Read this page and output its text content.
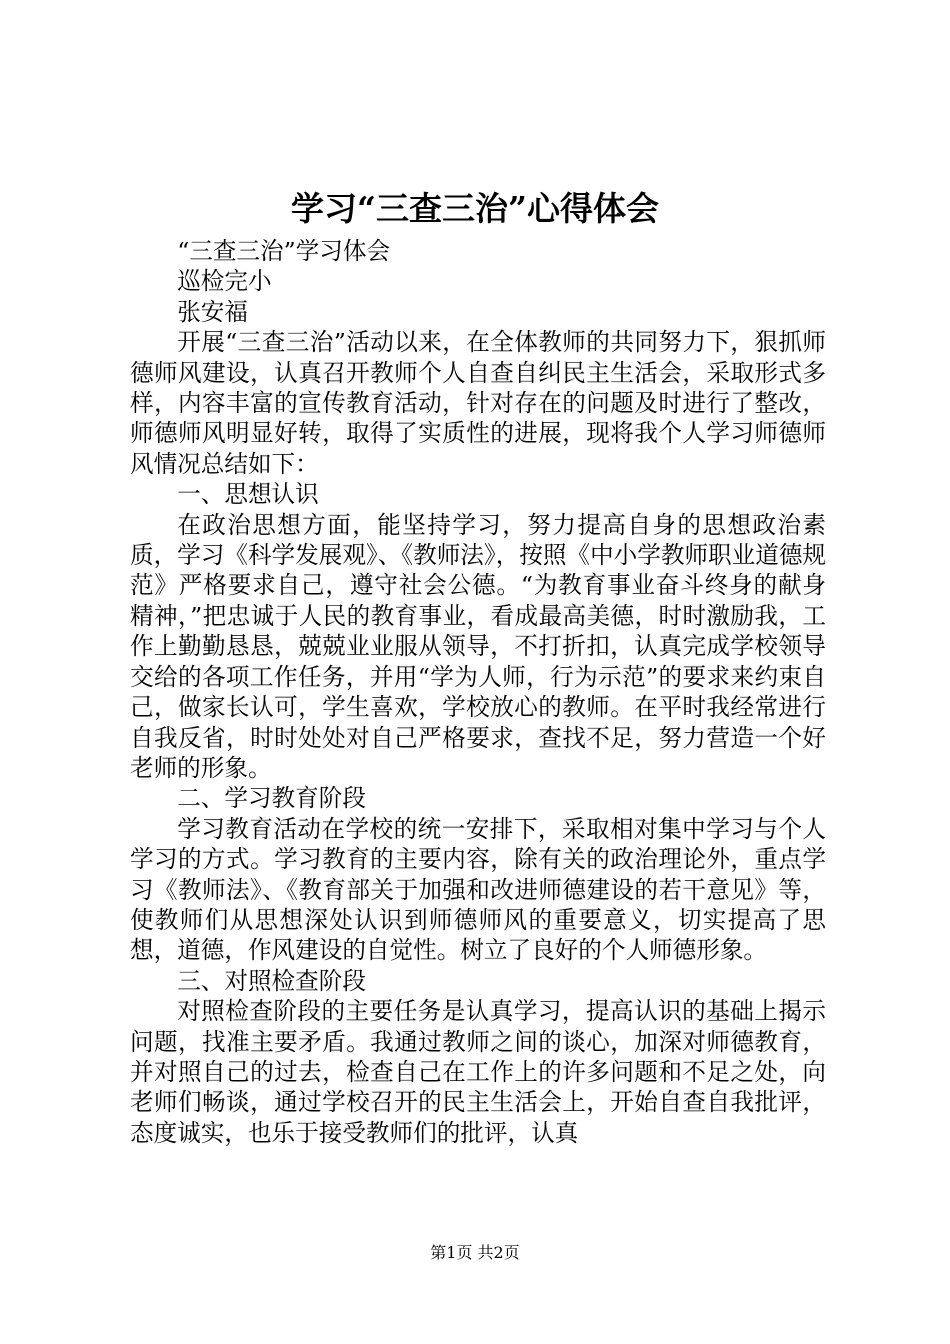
学习“三查三治”心得体会

“三查三治”学习体会

巡检完小

张安福

开展“三查三治”活动以来，在全体教师的共同努力下，狠抓师德师风建设，认真召开教师个人自查自纠民主生活会，采取形式多样，内容丰富的宣传教育活动，针对存在的问题及时进行了整改，师德师风明显好转，取得了实质性的进展，现将我个人学习师德师风情况总结如下：

一、思想认识

在政治思想方面，能坚持学习，努力提高自身的思想政治素质，学习《科学发展观》、《教师法》，按照《中小学教师职业道德规范》严格要求自己，遵守社会公德。“为教育事业奋斗终身的献身精神，”把忠诚于人民的教育事业，看成最高美德，时时激励我，工作上勤勤恳恳，兢兢业业服从领导，不打折扣，认真完成学校领导交给的各项工作任务，并用“学为人师，行为示范”的要求来约束自己，做家长认可，学生喜欢，学校放心的教师。在平时我经常进行自我反省，时时处处对自己严格要求，查找不足，努力营造一个好老师的形象。

二、学习教育阶段

学习教育活动在学校的统一安排下，采取相对集中学习与个人学习的方式。学习教育的主要内容，除有关的政治理论外，重点学习《教师法》、《教育部关于加强和改进师德建设的若干意见》等，使教师们从思想深处认识到师德师风的重要意义，切实提高了思想，道德，作风建设的自觉性。树立了良好的个人师德形象。

三、对照检查阶段

对照检查阶段的主要任务是认真学习，提高认识的基础上揭示问题，找准主要矛盾。我通过教师之间的谈心，加深对师德教育，并对照自己的过去，检查自己在工作上的许多问题和不足之处，向老师们畅谈，通过学校召开的民主生活会上，开始自查自我批评，态度诚实，也乐于接受教师们的批评，认真

第1页 共2页
